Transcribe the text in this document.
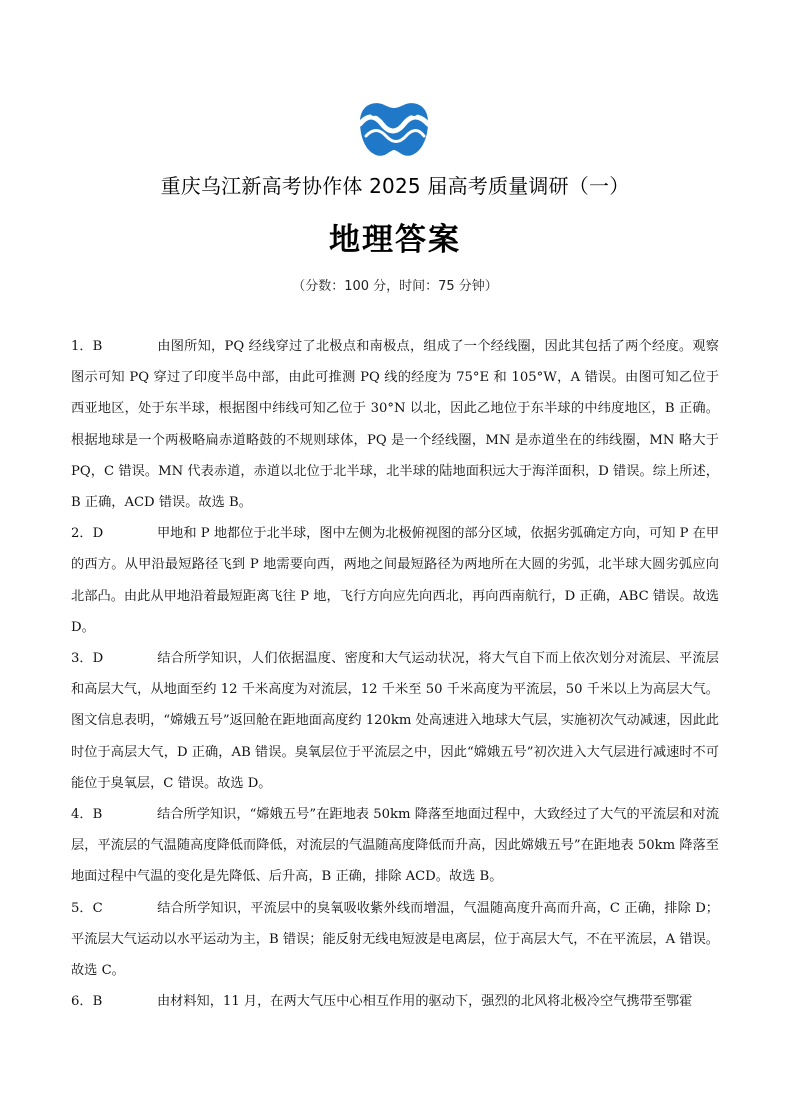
重庆乌江新高考协作体 2025 届高考质量调研（一）
地理答案
（分数：100 分，时间：75 分钟）

1．B	由图所知，PQ 经线穿过了北极点和南极点，组成了一个经线圈，因此其包括了两个经度。观察图示可知 PQ 穿过了印度半岛中部，由此可推测 PQ 线的经度为 75°E 和 105°W，A 错误。由图可知乙位于西亚地区，处于东半球，根据图中纬线可知乙位于 30°N 以北，因此乙地位于东半球的中纬度地区，B 正确。根据地球是一个两极略扁赤道略鼓的不规则球体，PQ 是一个经线圈，MN 是赤道坐在的纬线圈，MN 略大于 PQ，C 错误。MN 代表赤道，赤道以北位于北半球，北半球的陆地面积远大于海洋面积，D 错误。综上所述，B 正确，ACD 错误。故选 B。

2．D	甲地和 P 地都位于北半球，图中左侧为北极俯视图的部分区域，依据劣弧确定方向，可知 P 在甲的西方。从甲沿最短路径飞到 P 地需要向西，两地之间最短路径为两地所在大圆的劣弧，北半球大圆劣弧应向北部凸。由此从甲地沿着最短距离飞往 P 地，飞行方向应先向西北，再向西南航行，D 正确，ABC 错误。故选 D。

3．D	结合所学知识，人们依据温度、密度和大气运动状况，将大气自下而上依次划分对流层、平流层和高层大气，从地面至约 12 千米高度为对流层，12 千米至 50 千米高度为平流层，50 千米以上为高层大气。图文信息表明，“嫦娥五号”返回舱在距地面高度约 120km 处高速进入地球大气层，实施初次气动减速，因此此时位于高层大气，D 正确，AB 错误。臭氧层位于平流层之中，因此“嫦娥五号”初次进入大气层进行减速时不可能位于臭氧层，C 错误。故选 D。

4．B	结合所学知识，“嫦娥五号”在距地表 50km 降落至地面过程中，大致经过了大气的平流层和对流层，平流层的气温随高度降低而降低，对流层的气温随高度降低而升高，因此嫦娥五号”在距地表 50km 降落至地面过程中气温的变化是先降低、后升高，B 正确，排除 ACD。故选 B。

5．C	结合所学知识，平流层中的臭氧吸收紫外线而增温，气温随高度升高而升高，C 正确，排除 D；平流层大气运动以水平运动为主，B 错误；能反射无线电短波是电离层，位于高层大气，不在平流层，A 错误。故选 C。

6．B	由材料知，11 月，在两大气压中心相互作用的驱动下，强烈的北风将北极冷空气携带至鄂霍
